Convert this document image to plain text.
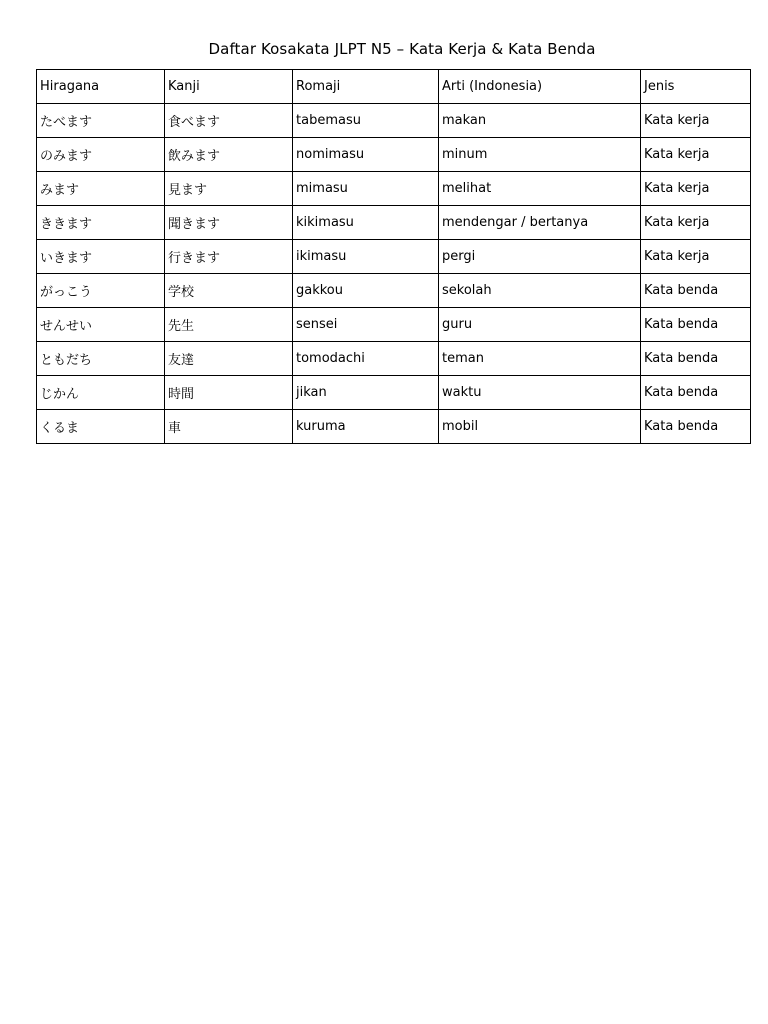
Daftar Kosakata JLPT N5 – Kata Kerja & Kata Benda
Hiragana	Kanji	Romaji	Arti (Indonesia)	Jenis
たべます	食べます	tabemasu	makan	Kata kerja
のみます	飲みます	nomimasu	minum	Kata kerja
みます	見ます	mimasu	melihat	Kata kerja
ききます	聞きます	kikimasu	mendengar / bertanya	Kata kerja
いきます	行きます	ikimasu	pergi	Kata kerja
がっこう	学校	gakkou	sekolah	Kata benda
せんせい	先生	sensei	guru	Kata benda
ともだち	友達	tomodachi	teman	Kata benda
じかん	時間	jikan	waktu	Kata benda
くるま	車	kuruma	mobil	Kata benda
